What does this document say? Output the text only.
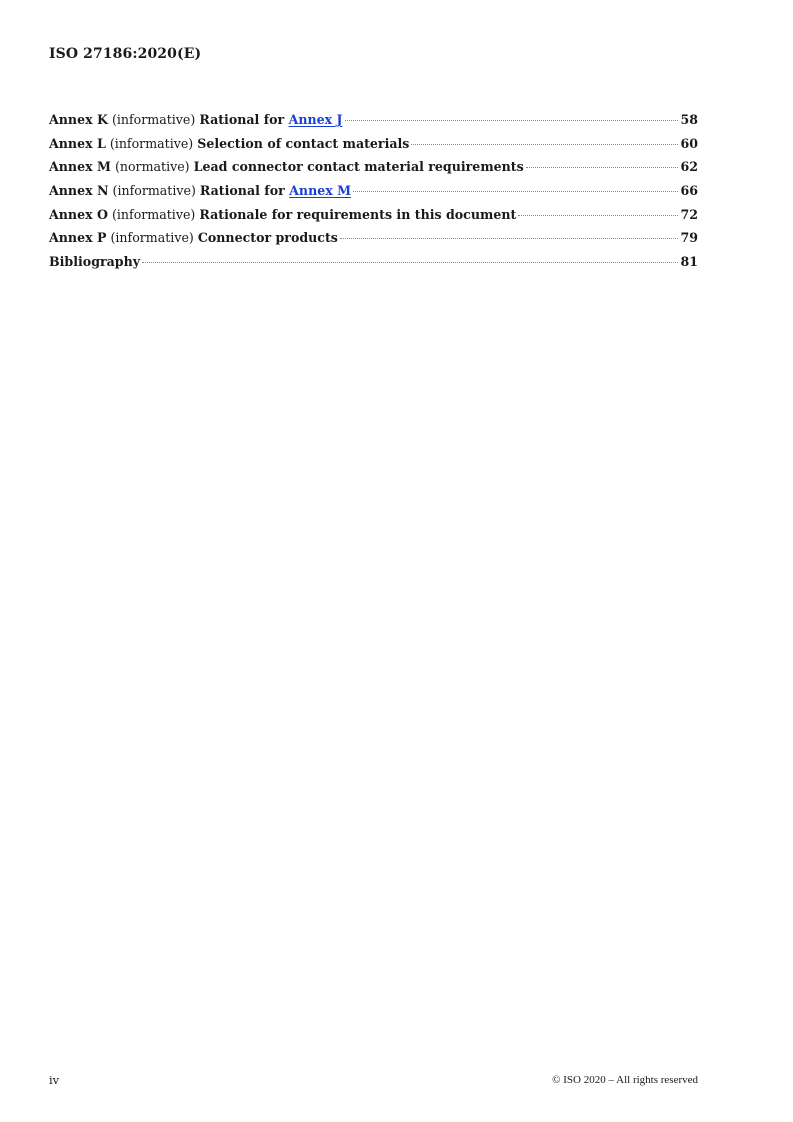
ISO 27186:2020(E)
Annex K (informative) Rational for Annex J	58
Annex L (informative) Selection of contact materials	60
Annex M (normative) Lead connector contact material requirements	62
Annex N (informative) Rational for Annex M	66
Annex O (informative) Rationale for requirements in this document	72
Annex P (informative) Connector products	79
Bibliography	81
iv	© ISO 2020 – All rights reserved
